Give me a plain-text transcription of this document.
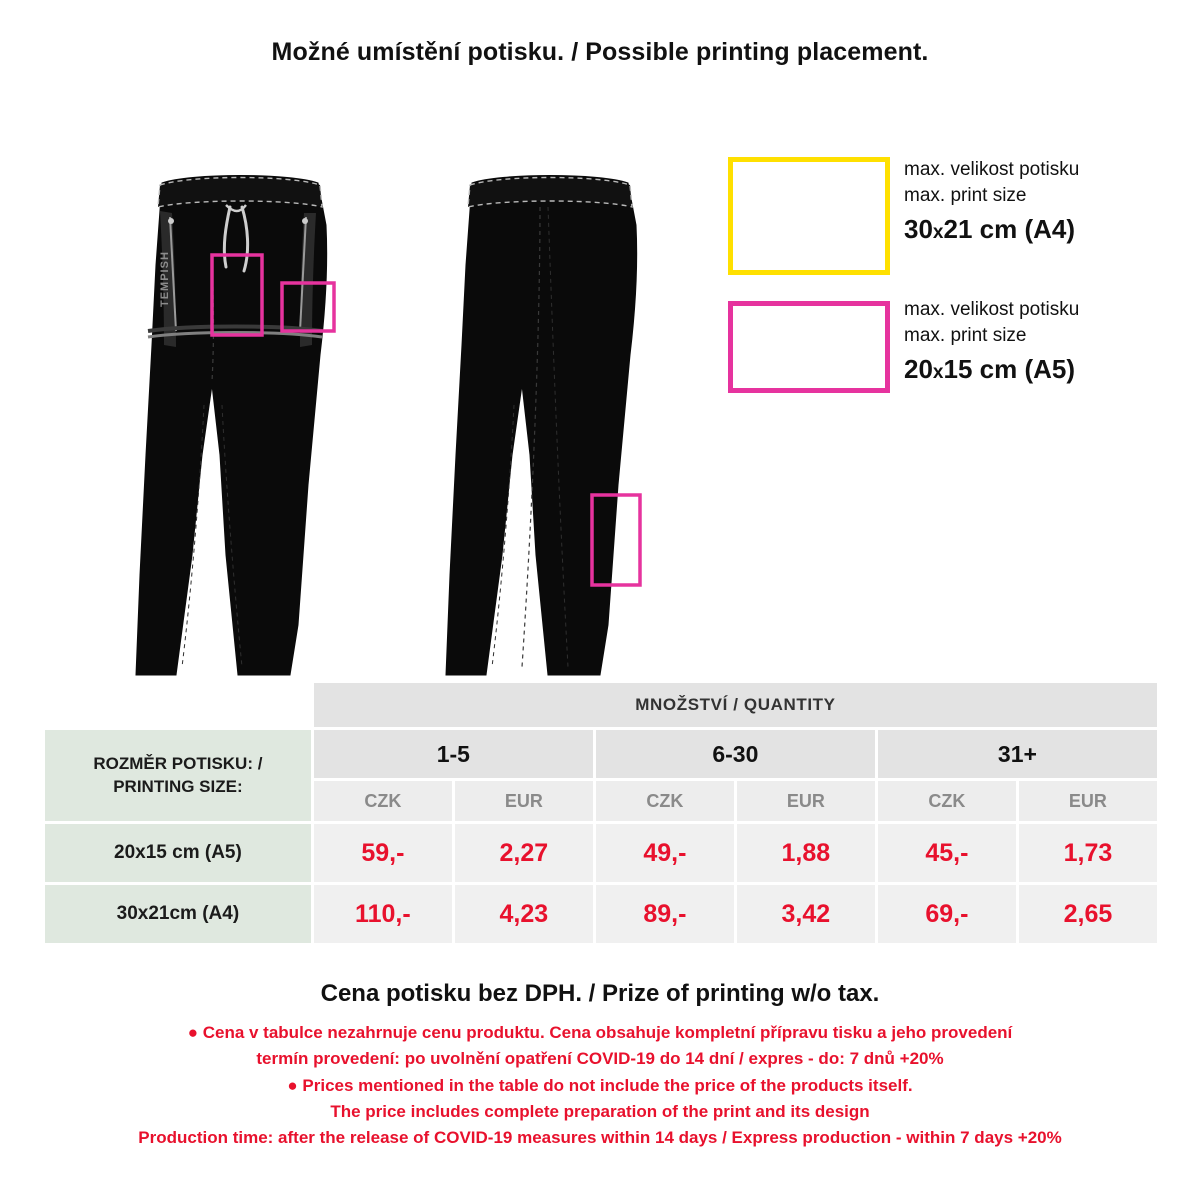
Možné umístění potisku. / Possible printing placement.
TEMPISH
max. velikost potisku
max. print size
30x21 cm (A4)
max. velikost potisku
max. print size
20x15 cm (A5)
	MNOŽSTVÍ / QUANTITY					

ROZMĚR POTISKU: /
PRINTING SIZE:	1-5		6-30		31+	
	CZK	EUR	CZK	EUR	CZK	EUR
20x15 cm (A5)	59,-	2,27	49,-	1,88	45,-	1,73
30x21cm (A4)	110,-	4,23	89,-	3,42	69,-	2,65
Cena potisku bez DPH. / Prize of printing w/o tax.
● Cena v tabulce nezahrnuje cenu produktu. Cena obsahuje kompletní přípravu tisku a jeho provedení
termín provedení: po uvolnění opatření COVID-19 do 14 dní / expres - do: 7 dnů +20%
● Prices mentioned in the table do not include the price of the products itself.
The price includes complete preparation of the print and its design
Production time: after the release of COVID-19 measures within 14 days / Express production - within 7 days +20%
